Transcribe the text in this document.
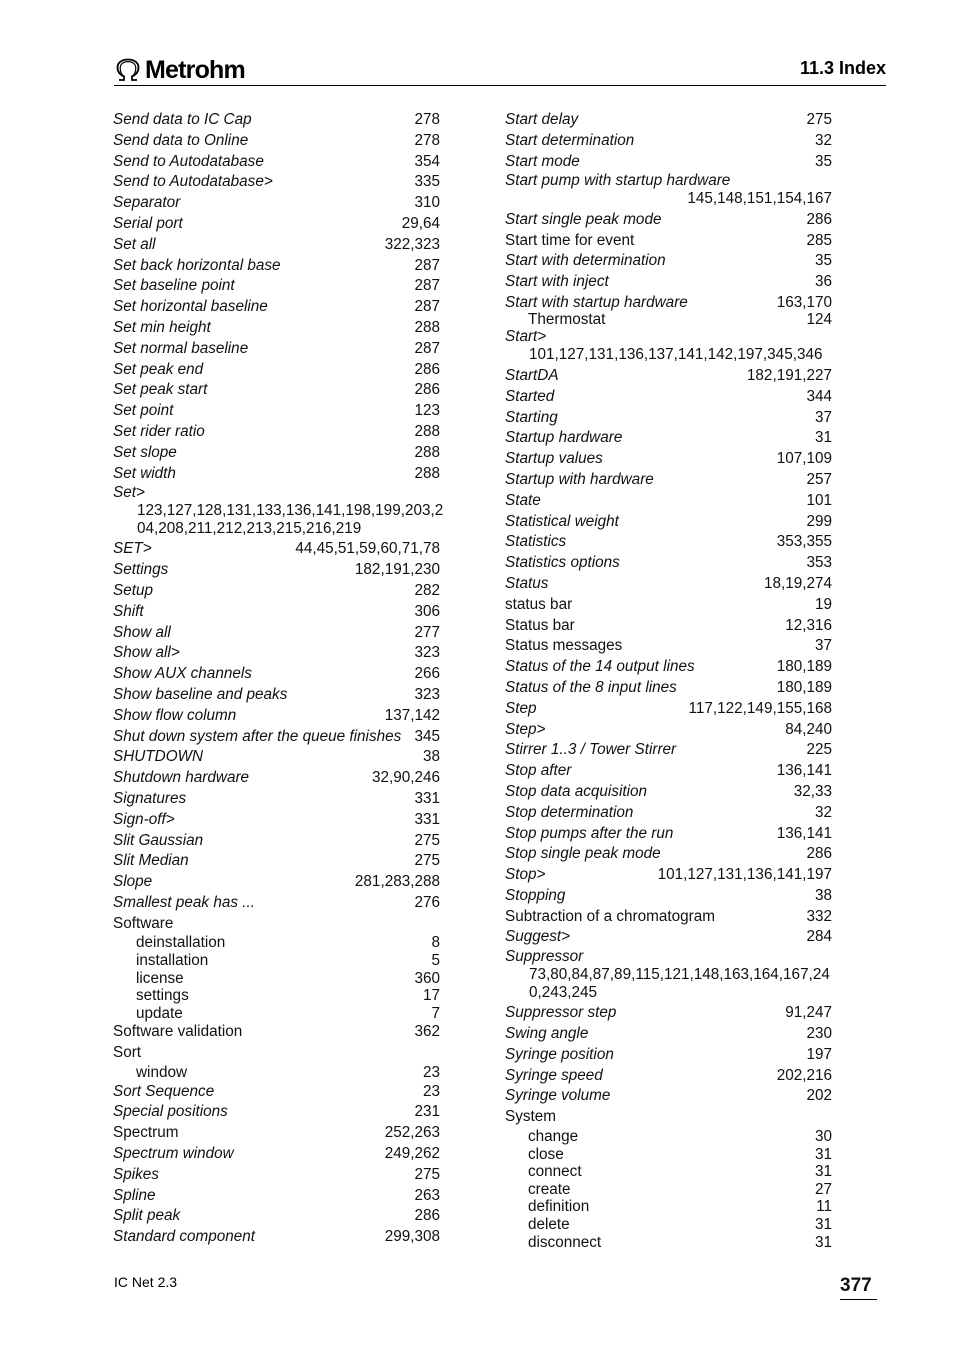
Metrohm	11.3 Index
Send data to IC Cap	278
Send data to Online	278
Send to Autodatabase	354
Send to Autodatabase>	335
Separator	310
Serial port	29,64
Set all	322,323
Set back horizontal base	287
Set baseline point	287
Set horizontal baseline	287
Set min height	288
Set normal baseline	287
Set peak end	286
Set peak start	286
Set point	123
Set rider ratio	288
Set slope	288
Set width	288
Set>
123,127,128,131,133,136,141,198,199,203,204,208,211,212,213,215,216,219
SET>	44,45,51,59,60,71,78
Settings	182,191,230
Setup	282
Shift	306
Show all	277
Show all>	323
Show AUX channels	266
Show baseline and peaks	323
Show flow column	137,142
Shut down system after the queue finishes 345
SHUTDOWN	38
Shutdown hardware	32,90,246
Signatures	331
Sign-off>	331
Slit Gaussian	275
Slit Median	275
Slope	281,283,288
Smallest peak has ...	276
Software
deinstallation	8
installation	5
license	360
settings	17
update	7
Software validation	362
Sort
window	23
Sort Sequence	23
Special positions	231
Spectrum	252,263
Spectrum window	249,262
Spikes	275
Spline	263
Split peak	286
Standard component	299,308
Start delay	275
Start determination	32
Start mode	35
Start pump with startup hardware
145,148,151,154,167
Start single peak mode	286
Start time for event	285
Start with determination	35
Start with inject	36
Start with startup hardware	163,170
Thermostat	124
Start>
101,127,131,136,137,141,142,197,345,346
StartDA	182,191,227
Started	344
Starting	37
Startup hardware	31
Startup values	107,109
Startup with hardware	257
State	101
Statistical weight	299
Statistics	353,355
Statistics options	353
Status	18,19,274
status bar	19
Status bar	12,316
Status messages	37
Status of the 14 output lines	180,189
Status of the 8 input lines	180,189
Step	117,122,149,155,168
Step>	84,240
Stirrer 1..3 / Tower Stirrer	225
Stop after	136,141
Stop data acquisition	32,33
Stop determination	32
Stop pumps after the run	136,141
Stop single peak mode	286
Stop>	101,127,131,136,141,197
Stopping	38
Subtraction of a chromatogram	332
Suggest>	284
Suppressor
73,80,84,87,89,115,121,148,163,164,167,240,243,245
Suppressor step	91,247
Swing angle	230
Syringe position	197
Syringe speed	202,216
Syringe volume	202
System
change	30
close	31
connect	31
create	27
definition	11
delete	31
disconnect	31
IC Net 2.3	377
